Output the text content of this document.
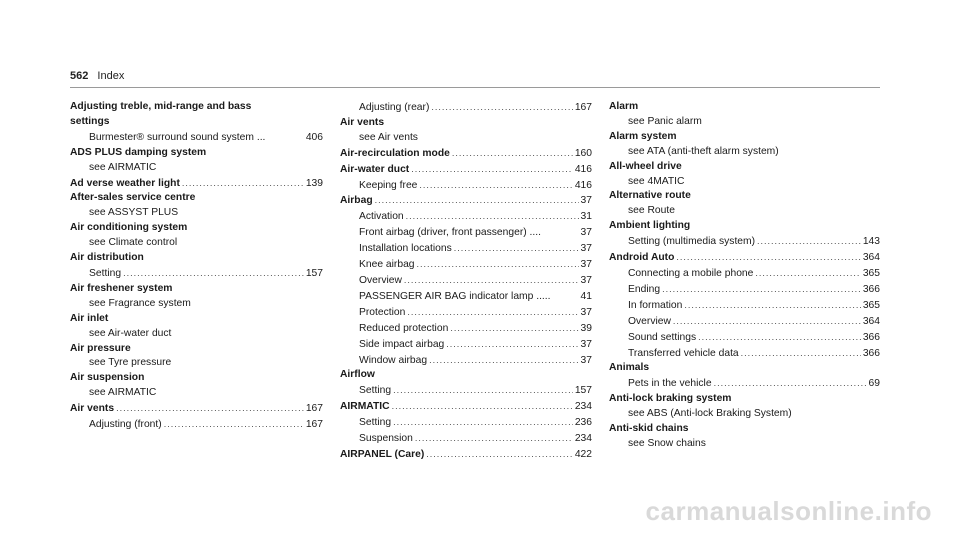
562 Index
Adjusting treble, mid-range and bass
settings
Burmester® surround sound system ...	406
ADS PLUS damping system
see AIRMATIC
Ad verse weather light .....	139
After-sales service centre
see ASSYST PLUS
Air conditioning system
see Climate control
Air distribution
Setting .....	157
Air freshener system
see Fragrance system
Air inlet
see Air-water duct
Air pressure
see Tyre pressure
Air suspension
see AIRMATIC
Air vents .....	167
Adjusting (front) .....	167
Adjusting (rear) .....	167
Air vents
see Air vents
Air-recirculation mode .....	160
Air-water duct .....	416
Keeping free .....	416
Airbag .....	37
Activation .....	31
Front airbag (driver, front passenger) ....	37
Installation locations .....	37
Knee airbag .....	37
Overview .....	37
PASSENGER AIR BAG indicator lamp .....	41
Protection .....	37
Reduced protection .....	39
Side impact airbag .....	37
Window airbag .....	37
Airflow
Setting .....	157
AIRMATIC .....	234
Setting .....	236
Suspension .....	234
AIRPANEL (Care) .....	422
Alarm
see Panic alarm
Alarm system
see ATA (anti-theft alarm system)
All-wheel drive
see 4MATIC
Alternative route
see Route
Ambient lighting
Setting (multimedia system) .....	143
Android Auto .....	364
Connecting a mobile phone .....	365
Ending .....	366
In formation .....	365
Overview .....	364
Sound settings .....	366
Transferred vehicle data .....	366
Animals
Pets in the vehicle .....	69
Anti-lock braking system
see ABS (Anti-lock Braking System)
Anti-skid chains
see Snow chains
carmanualsonline.info
